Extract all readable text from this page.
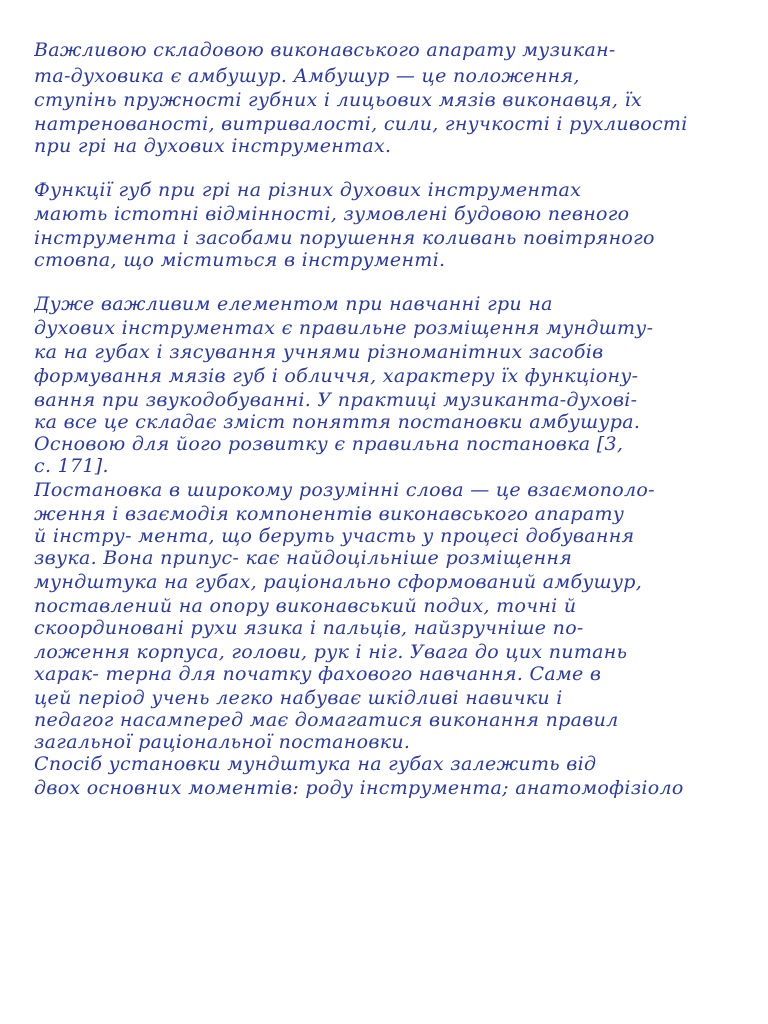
Важливою складовою виконавського апарату музикан-
та-духовика є амбушур. Амбушур — це положення,
ступінь пружності губних і лицьових мязів виконавця, їх
натренованості, витривалості, сили, гнучкості і рухливості
при грі на духових інструментах.
Функції губ при грі на різних духових інструментах
мають істотні відмінності, зумовлені будовою певного
інструмента і засобами порушення коливань повітряного
стовпа, що міститься в інструменті.
Дуже важливим елементом при навчанні гри на
духових інструментах є правильне розміщення мундшту-
ка на губах і зясування учнями різноманітних засобів
формування мязів губ і обличчя, характеру їх функціону-
вання при звукодобуванні. У практиці музиканта-духові-
ка все це складає зміст поняття постановки амбушура.
Основою для його розвитку є правильна постановка [3,
с. 171].
Постановка в широкому розумінні слова — це взаємополо-
ження і взаємодія компонентів виконавського апарату
й інстру- мента, що беруть участь у процесі добування
звука. Вона припус- кає найдоцільніше розміщення
мундштука на губах, раціонально сформований амбушур,
поставлений на опору виконавський подих, точні й
скоординовані рухи язика і пальців, найзручніше по-
ложення корпуса, голови, рук і ніг. Увага до цих питань
харак- терна для початку фахового навчання. Саме в
цей період учень легко набуває шкідливі навички і
педагог насамперед має домагатися виконання правил
загальної раціональної постановки.
Спосіб установки мундштука на губах залежить від
двох основних моментів: роду інструмента; анатомофізіоло
